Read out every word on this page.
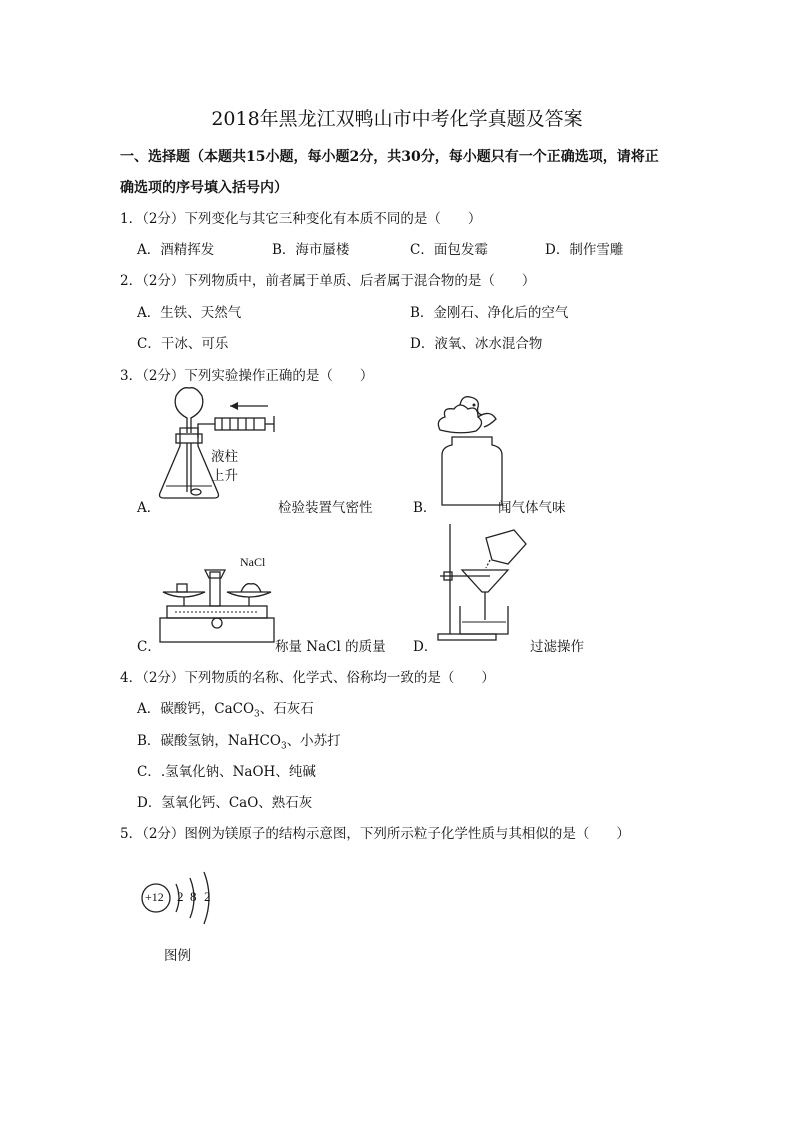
2018年黑龙江双鸭山市中考化学真题及答案
一、选择题（本题共15小题，每小题2分，共30分，每小题只有一个正确选项，请将正
确选项的序号填入括号内）
1．（2分）下列变化与其它三种变化有本质不同的是（　　）
A．酒精挥发	B．海市蜃楼	C．面包发霉	D．制作雪雕
2．（2分）下列物质中，前者属于单质、后者属于混合物的是（　　）
A．生铁、天然气	B．金刚石、净化后的空气
C．干冰、可乐	D．液氧、冰水混合物
3．（2分）下列实验操作正确的是（　　）
液柱
上升
A．	检验装置气密性	B．	闻气体气味
NaCl
C．	称量 NaCl 的质量 D．	过滤操作
4．（2分）下列物质的名称、化学式、俗称均一致的是（　　）
A．碳酸钙，CaCO$_3$、石灰石
B．碳酸氢钠，NaHCO$_3$、小苏打
C．.氢氧化钠、NaOH、纯碱
D．氢氧化钙、CaO、熟石灰
5．（2分）图例为镁原子的结构示意图，下列所示粒子化学性质与其相似的是（　　）
+12 2 8 2
图例
